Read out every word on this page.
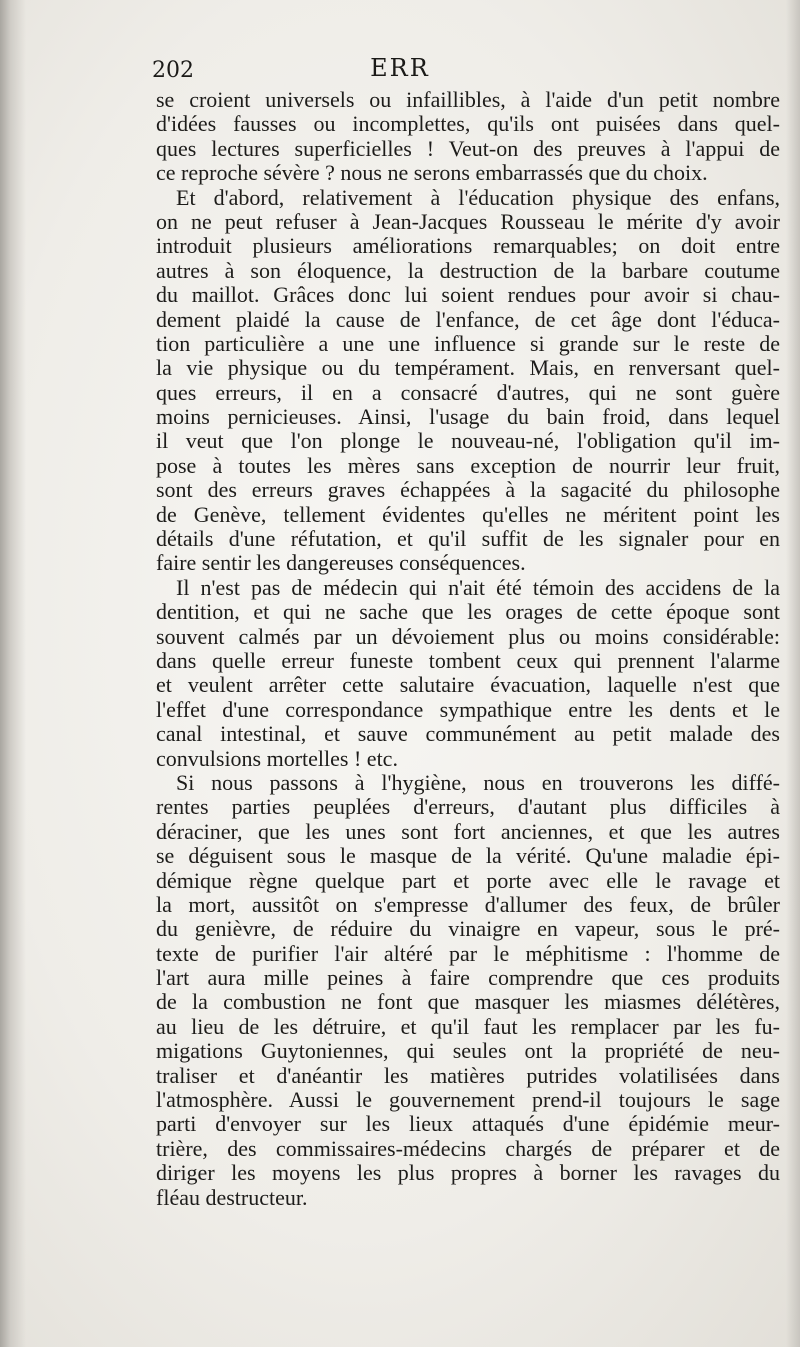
202	ERR
se croient universels ou infaillibles, à l'aide d'un petit nombre
d'idées fausses ou incomplettes, qu'ils ont puisées dans quel-
ques lectures superficielles ! Veut-on des preuves à l'appui de
ce reproche sévère ? nous ne serons embarrassés que du choix.
Et d'abord, relativement à l'éducation physique des enfans,
on ne peut refuser à Jean-Jacques Rousseau le mérite d'y avoir
introduit plusieurs améliorations remarquables; on doit entre
autres à son éloquence, la destruction de la barbare coutume
du maillot. Grâces donc lui soient rendues pour avoir si chau-
dement plaidé la cause de l'enfance, de cet âge dont l'éduca-
tion particulière a une une influence si grande sur le reste de
la vie physique ou du tempérament. Mais, en renversant quel-
ques erreurs, il en a consacré d'autres, qui ne sont guère
moins pernicieuses. Ainsi, l'usage du bain froid, dans lequel
il veut que l'on plonge le nouveau-né, l'obligation qu'il im-
pose à toutes les mères sans exception de nourrir leur fruit,
sont des erreurs graves échappées à la sagacité du philosophe
de Genève, tellement évidentes qu'elles ne méritent point les
détails d'une réfutation, et qu'il suffit de les signaler pour en
faire sentir les dangereuses conséquences.
Il n'est pas de médecin qui n'ait été témoin des accidens de la
dentition, et qui ne sache que les orages de cette époque sont
souvent calmés par un dévoiement plus ou moins considérable:
dans quelle erreur funeste tombent ceux qui prennent l'alarme
et veulent arrêter cette salutaire évacuation, laquelle n'est que
l'effet d'une correspondance sympathique entre les dents et le
canal intestinal, et sauve communément au petit malade des
convulsions mortelles ! etc.
Si nous passons à l'hygiène, nous en trouverons les diffé-
rentes parties peuplées d'erreurs, d'autant plus difficiles à
déraciner, que les unes sont fort anciennes, et que les autres
se déguisent sous le masque de la vérité. Qu'une maladie épi-
démique règne quelque part et porte avec elle le ravage et
la mort, aussitôt on s'empresse d'allumer des feux, de brûler
du genièvre, de réduire du vinaigre en vapeur, sous le pré-
texte de purifier l'air altéré par le méphitisme : l'homme de
l'art aura mille peines à faire comprendre que ces produits
de la combustion ne font que masquer les miasmes délétères,
au lieu de les détruire, et qu'il faut les remplacer par les fu-
migations Guytoniennes, qui seules ont la propriété de neu-
traliser et d'anéantir les matières putrides volatilisées dans
l'atmosphère. Aussi le gouvernement prend-il toujours le sage
parti d'envoyer sur les lieux attaqués d'une épidémie meur-
trière, des commissaires-médecins chargés de préparer et de
diriger les moyens les plus propres à borner les ravages du
fléau destructeur.
